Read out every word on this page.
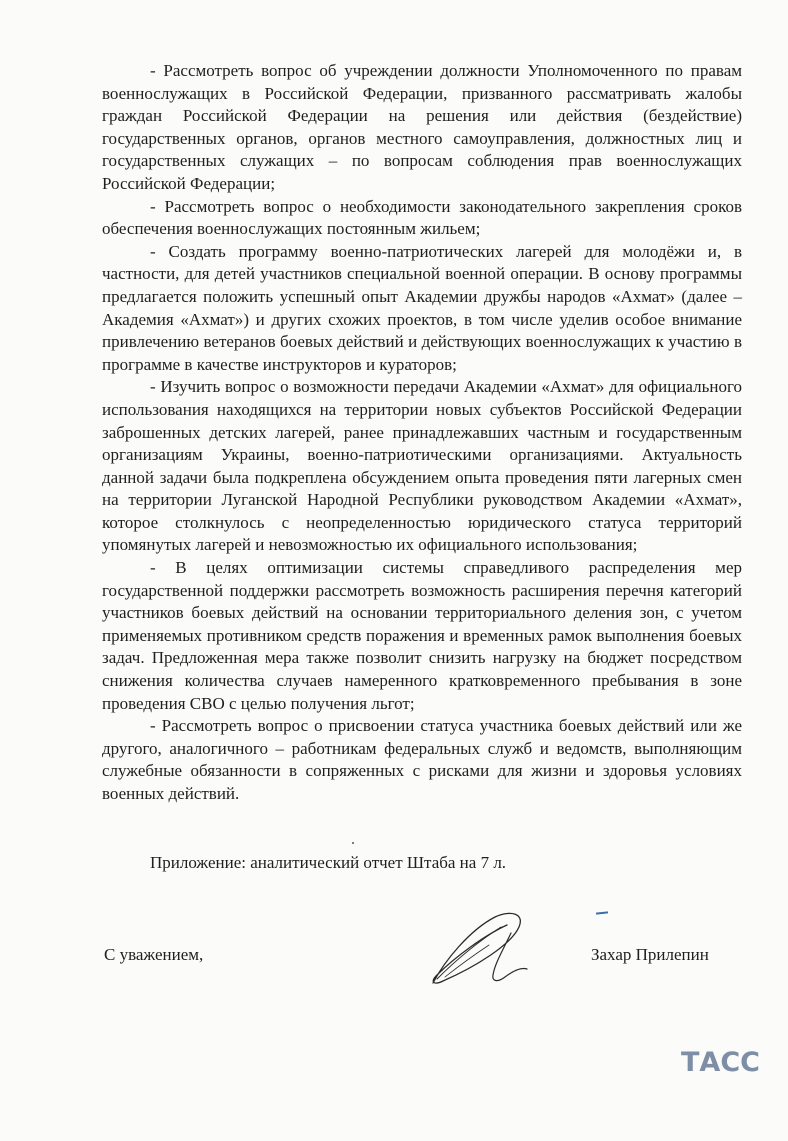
- Рассмотреть вопрос об учреждении должности Уполномоченного по правам военнослужащих в Российской Федерации, призванного рассматривать жалобы граждан Российской Федерации на решения или действия (бездействие) государственных органов, органов местного самоуправления, должностных лиц и государственных служащих – по вопросам соблюдения прав военнослужащих Российской Федерации;

- Рассмотреть вопрос о необходимости законодательного закрепления сроков обеспечения военнослужащих постоянным жильем;

- Создать программу военно-патриотических лагерей для молодёжи и, в частности, для детей участников специальной военной операции. В основу программы предлагается положить успешный опыт Академии дружбы народов «Ахмат» (далее – Академия «Ахмат») и других схожих проектов, в том числе уделив особое внимание привлечению ветеранов боевых действий и действующих военнослужащих к участию в программе в качестве инструкторов и кураторов;

- Изучить вопрос о возможности передачи Академии «Ахмат» для официального использования находящихся на территории новых субъектов Российской Федерации заброшенных детских лагерей, ранее принадлежавших частным и государственным организациям Украины, военно-патриотическими организациями. Актуальность данной задачи была подкреплена обсуждением опыта проведения пяти лагерных смен на территории Луганской Народной Республики руководством Академии «Ахмат», которое столкнулось с неопределенностью юридического статуса территорий упомянутых лагерей и невозможностью их официального использования;

- В целях оптимизации системы справедливого распределения мер государственной поддержки рассмотреть возможность расширения перечня категорий участников боевых действий на основании территориального деления зон, с учетом применяемых противником средств поражения и временных рамок выполнения боевых задач. Предложенная мера также позволит снизить нагрузку на бюджет посредством снижения количества случаев намеренного кратковременного пребывания в зоне проведения СВО с целью получения льгот;

- Рассмотреть вопрос о присвоении статуса участника боевых действий или же другого, аналогичного – работникам федеральных служб и ведомств, выполняющим служебные обязанности в сопряженных с рисками для жизни и здоровья условиях военных действий.

Приложение: аналитический отчет Штаба на 7 л.
С уважением,	Захар Прилепин
ТАСС
